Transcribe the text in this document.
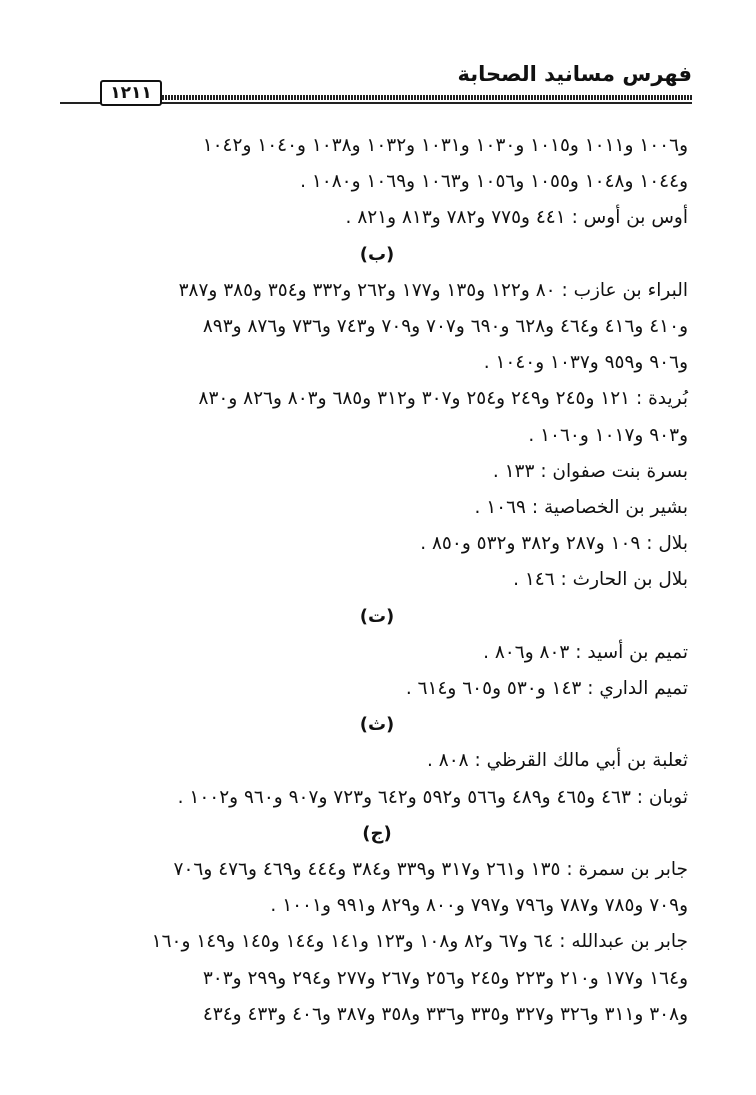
فهرس مسانيد الصحابة
١٢١١

و١٠٠٦ و١٠١١ و١٠١٥ و١٠٣٠ و١٠٣١ و١٠٣٢ و١٠٣٨ و١٠٤٠ و١٠٤٢

و١٠٤٤ و١٠٤٨ و١٠٥٥ و١٠٥٦ و١٠٦٣ و١٠٦٩ و١٠٨٠ .

أوس بن أوس : ٤٤١ و٧٧٥ و٧٨٢ و٨١٣ و٨٢١ .

(ب)

البراء بن عازب : ٨٠ و١٢٢ و١٣٥ و١٧٧ و٢٦٢ و٣٣٢ و٣٥٤ و٣٨٥ و٣٨٧

و٤١٠ و٤١٦ و٤٦٤ و٦٢٨ و٦٩٠ و٧٠٧ و٧٠٩ و٧٤٣ و٧٣٦ و٨٧٦ و٨٩٣

و٩٠٦ و٩٥٩ و١٠٣٧ و١٠٤٠ .

بُريدة : ١٢١ و٢٤٥ و٢٤٩ و٢٥٤ و٣٠٧ و٣١٢ و٦٨٥ و٨٠٣ و٨٢٦ و٨٣٠

و٩٠٣ و١٠١٧ و١٠٦٠ .

بسرة بنت صفوان : ١٣٣ .

بشير بن الخصاصية : ١٠٦٩ .

بلال : ١٠٩ و٢٨٧ و٣٨٢ و٥٣٢ و٨٥٠ .

بلال بن الحارث : ١٤٦ .

(ت)

تميم بن أسيد : ٨٠٣ و٨٠٦ .

تميم الداري : ١٤٣ و٥٣٠ و٦٠٥ و٦١٤ .

(ث)

ثعلبة بن أبي مالك القرظي : ٨٠٨ .

ثوبان : ٤٦٣ و٤٦٥ و٤٨٩ و٥٦٦ و٥٩٢ و٦٤٢ و٧٢٣ و٩٠٧ و٩٦٠ و١٠٠٢ .

(ج)

جابر بن سمرة : ١٣٥ و٢٦١ و٣١٧ و٣٣٩ و٣٨٤ و٤٤٤ و٤٦٩ و٤٧٦ و٧٠٦

و٧٠٩ و٧٨٥ و٧٨٧ و٧٩٦ و٧٩٧ و٨٠٠ و٨٢٩ و٩٩١ و١٠٠١ .

جابر بن عبدالله : ٦٤ و٦٧ و٨٢ و١٠٨ و١٢٣ و١٤١ و١٤٤ و١٤٥ و١٤٩ و١٦٠

و١٦٤ و١٧٧ و٢١٠ و٢٢٣ و٢٤٥ و٢٥٦ و٢٦٧ و٢٧٧ و٢٩٤ و٢٩٩ و٣٠٣

و٣٠٨ و٣١١ و٣٢٦ و٣٢٧ و٣٣٥ و٣٣٦ و٣٥٨ و٣٨٧ و٤٠٦ و٤٣٣ و٤٣٤
